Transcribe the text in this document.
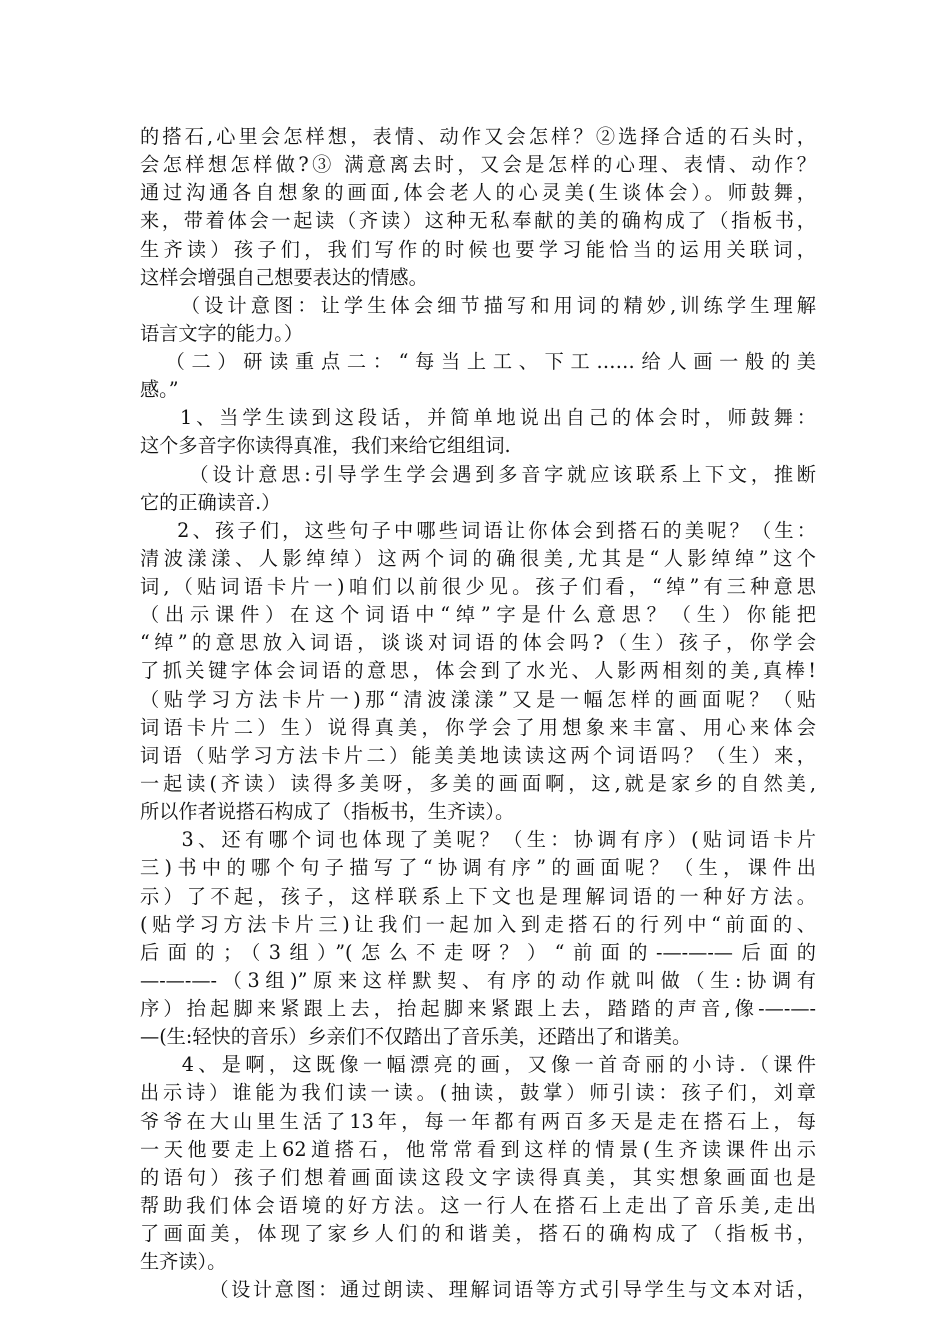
的搭石,心里会怎样想，表情、动作又会怎样？②选择合适的石头时，

会怎样想怎样做?③ 满意离去时，又会是怎样的心理、表情、动作？

通过沟通各自想象的画面,体会老人的心灵美(生谈体会）。师鼓舞，

来，带着体会一起读（齐读）这种无私奉献的美的确构成了（指板书，

生齐读）孩子们，我们写作的时候也要学习能恰当的运用关联词，

这样会增强自己想要表达的情感。

（设计意图：让学生体会细节描写和用词的精妙,训练学生理解

语言文字的能力。）

（二）研读重点二：“每当上工、下工……给人画一般的美

感。”

1、当学生读到这段话，并简单地说出自己的体会时，师鼓舞：

这个多音字你读得真准，我们来给它组组词.

（设计意思:引导学生学会遇到多音字就应该联系上下文，推断

它的正确读音.）

2、孩子们，这些句子中哪些词语让你体会到搭石的美呢？（生：

清波漾漾、人影绰绰）这两个词的确很美,尤其是“人影绰绰”这个

词,（贴词语卡片一)咱们以前很少见。孩子们看，“绰”有三种意思

（出示课件）在这个词语中“绰”字是什么意思？（生）你能把

“绰”的意思放入词语，谈谈对词语的体会吗?（生）孩子，你学会

了抓关键字体会词语的意思，体会到了水光、人影两相刻的美,真棒!

（贴学习方法卡片一)那“清波漾漾”又是一幅怎样的画面呢？（贴

词语卡片二）生）说得真美，你学会了用想象来丰富、用心来体会

词语（贴学习方法卡片二）能美美地读读这两个词语吗？（生）来，

一起读(齐读）读得多美呀，多美的画面啊，这,就是家乡的自然美,

所以作者说搭石构成了（指板书，生齐读）。

3、还有哪个词也体现了美呢？（生：协调有序）(贴词语卡片

三)书中的哪个句子描写了“协调有序”的画面呢？（生，课件出

示）了不起，孩子，这样联系上下文也是理解词语的一种好方法。

(贴学习方法卡片三)让我们一起加入到走搭石的行列中“前面的、

后面的；（3组）”(怎么不走呀？）“前面的-—-—-—后面的

—-—-—-（3组)”原来这样默契、有序的动作就叫做（生:协调有

序）抬起脚来紧跟上去，抬起脚来紧跟上去，踏踏的声音,像-—-—-

—(生:轻快的音乐）乡亲们不仅踏出了音乐美，还踏出了和谐美。

4、是啊，这既像一幅漂亮的画，又像一首奇丽的小诗.（课件

出示诗）谁能为我们读一读。(抽读，鼓掌）师引读：孩子们，刘章

爷爷在大山里生活了13年，每一年都有两百多天是走在搭石上，每

一天他要走上62道搭石，他常常看到这样的情景(生齐读课件出示

的语句）孩子们想着画面读这段文字读得真美，其实想象画面也是

帮助我们体会语境的好方法。这一行人在搭石上走出了音乐美,走出

了画面美，体现了家乡人们的和谐美，搭石的确构成了（指板书，

生齐读）。

（设计意图：通过朗读、理解词语等方式引导学生与文本对话，
